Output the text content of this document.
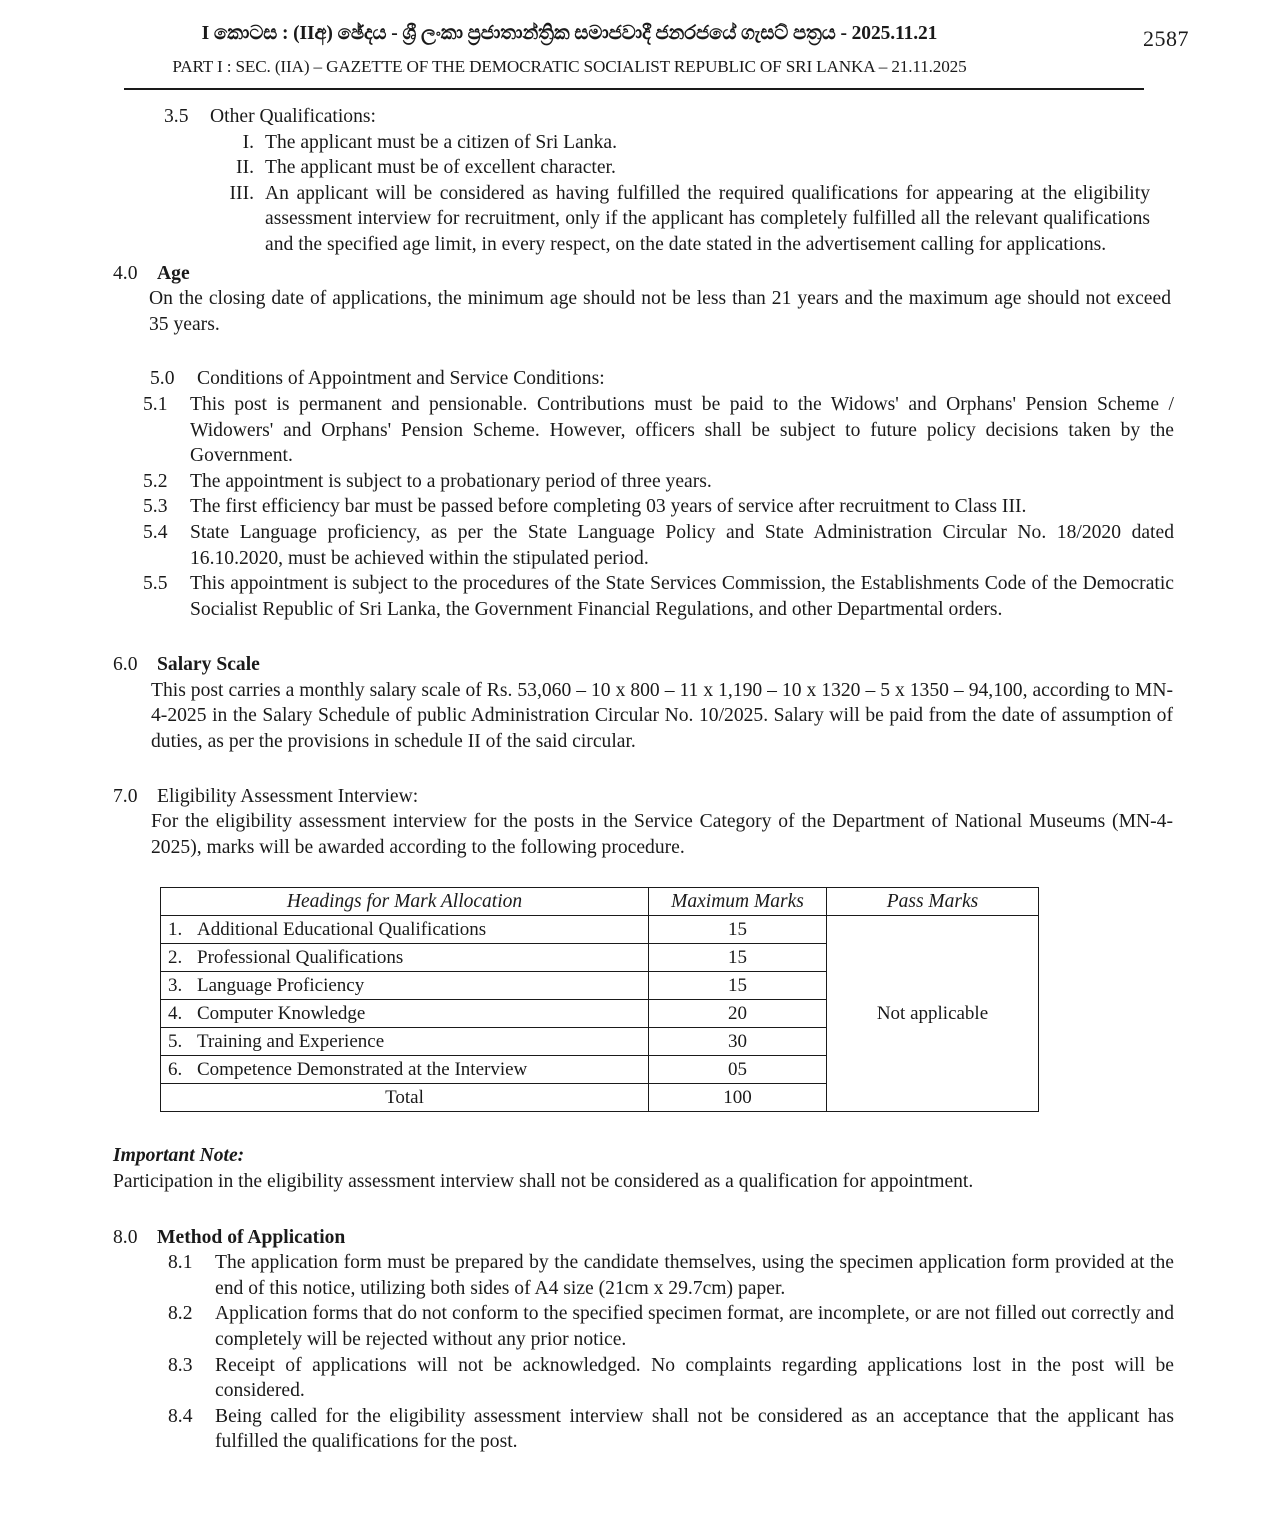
I කොටස : (IIඅ) ඡේදය - ශ්‍රී ලංකා ප්‍රජාතාන්ත්‍රික සමාජවාදී ජනරජයේ ගැසට් පත්‍රය - 2025.11.21	2587
PART I : SEC. (IIA) – GAZETTE OF THE DEMOCRATIC SOCIALIST REPUBLIC OF SRI LANKA – 21.11.2025
3.5	Other Qualifications:
I. The applicant must be a citizen of Sri Lanka.
II. The applicant must be of excellent character.
III. An applicant will be considered as having fulfilled the required qualifications for appearing at the eligibility assessment interview for recruitment, only if the applicant has completely fulfilled all the relevant qualifications and the specified age limit, in every respect, on the date stated in the advertisement calling for applications.
4.0 Age
On the closing date of applications, the minimum age should not be less than 21 years and the maximum age should not exceed 35 years.
5.0	Conditions of Appointment and Service Conditions:
5.1	This post is permanent and pensionable. Contributions must be paid to the Widows' and Orphans' Pension Scheme / Widowers' and Orphans' Pension Scheme. However, officers shall be subject to future policy decisions taken by the Government.
5.2	The appointment is subject to a probationary period of three years.
5.3	The first efficiency bar must be passed before completing 03 years of service after recruitment to Class III.
5.4	State Language proficiency, as per the State Language Policy and State Administration Circular No. 18/2020 dated 16.10.2020, must be achieved within the stipulated period.
5.5	This appointment is subject to the procedures of the State Services Commission, the Establishments Code of the Democratic Socialist Republic of Sri Lanka, the Government Financial Regulations, and other Departmental orders.
6.0 Salary Scale
This post carries a monthly salary scale of Rs. 53,060 – 10 x 800 – 11 x 1,190 – 10 x 1320 – 5 x 1350 – 94,100, according to MN-4-2025 in the Salary Schedule of public Administration Circular No. 10/2025. Salary will be paid from the date of assumption of duties, as per the provisions in schedule II of the said circular.
7.0 Eligibility Assessment Interview:
For the eligibility assessment interview for the posts in the Service Category of the Department of National Museums (MN-4-2025), marks will be awarded according to the following procedure.
Headings for Mark Allocation	Maximum Marks	Pass Marks

1. Additional Educational Qualifications	15	Not applicable

2. Professional Qualifications	15	

3. Language Proficiency	15	

4. Computer Knowledge	20	

5. Training and Experience	30	

6. Competence Demonstrated at the Interview	05	
Total	100	
Important Note:
Participation in the eligibility assessment interview shall not be considered as a qualification for appointment.
8.0 Method of Application
8.1	The application form must be prepared by the candidate themselves, using the specimen application form provided at the end of this notice, utilizing both sides of A4 size (21cm x 29.7cm) paper.
8.2	Application forms that do not conform to the specified specimen format, are incomplete, or are not filled out correctly and completely will be rejected without any prior notice.
8.3	Receipt of applications will not be acknowledged. No complaints regarding applications lost in the post will be considered.
8.4	Being called for the eligibility assessment interview shall not be considered as an acceptance that the applicant has fulfilled the qualifications for the post.
